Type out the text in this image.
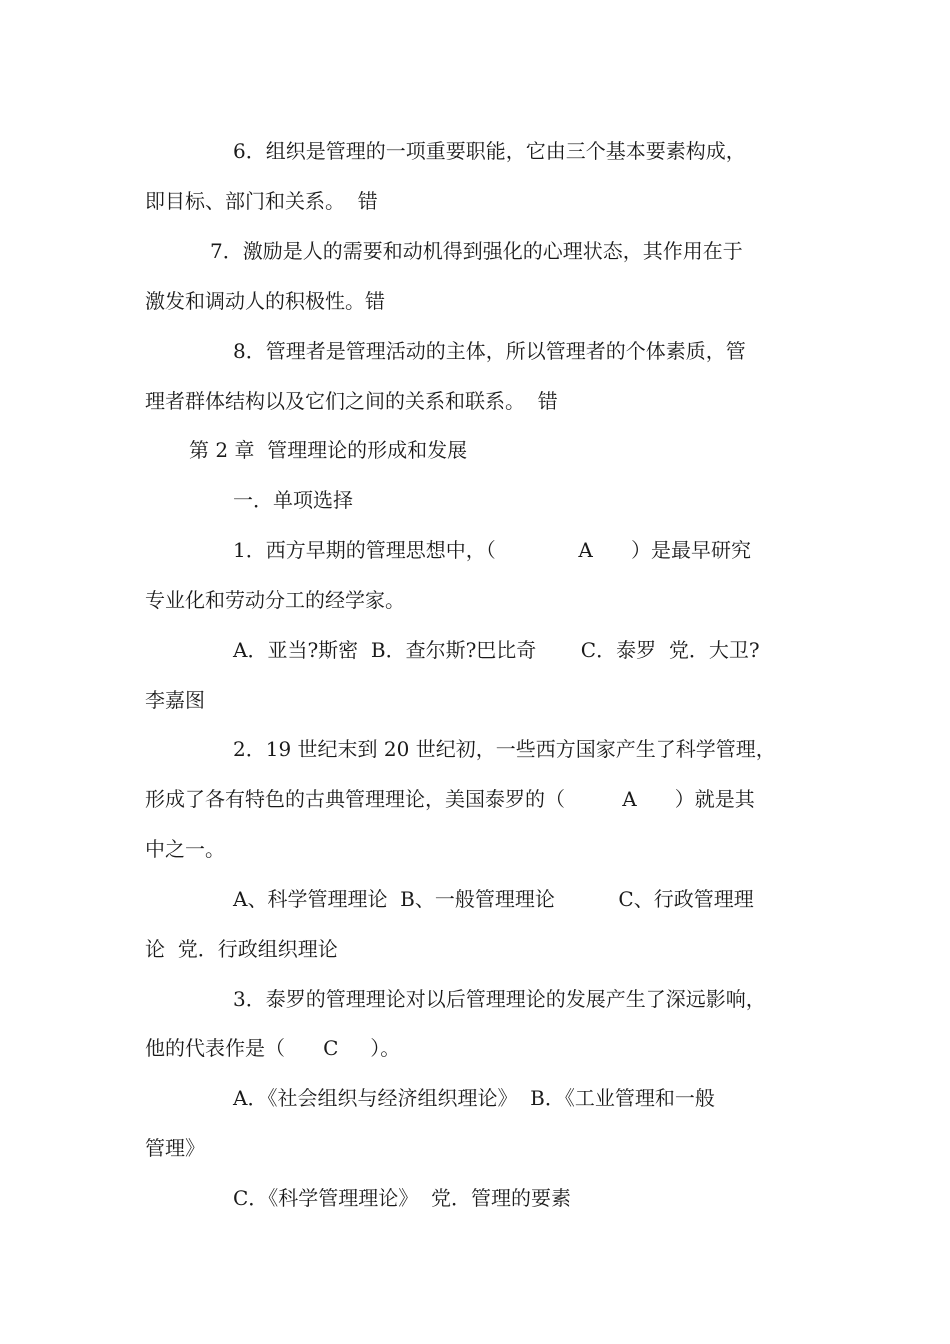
6．组织是管理的一项重要职能，它由三个基本要素构成，
即目标、部门和关系。  错
7．激励是人的需要和动机得到强化的心理状态，其作用在于
激发和调动人的积极性。错
8．管理者是管理活动的主体，所以管理者的个体素质，管
理者群体结构以及它们之间的关系和联系。  错
第 2 章  管理理论的形成和发展
一．单项选择
1．西方早期的管理思想中，（             A      ）是最早研究
专业化和劳动分工的经学家。
A．亚当?斯密  B．查尔斯?巴比奇       C．泰罗  党．大卫?
李嘉图
2．19 世纪末到 20 世纪初，一些西方国家产生了科学管理，
形成了各有特色的古典管理理论，美国泰罗的（         A      ）就是其
中之一。
A、科学管理理论  B、一般管理理论          C、行政管理理
论  党．行政组织理论
3．泰罗的管理理论对以后管理理论的发展产生了深远影响，
他的代表作是（      C     ）。
A．《社会组织与经济组织理论》  B．《工业管理和一般
管理》
C．《科学管理理论》  党．管理的要素
